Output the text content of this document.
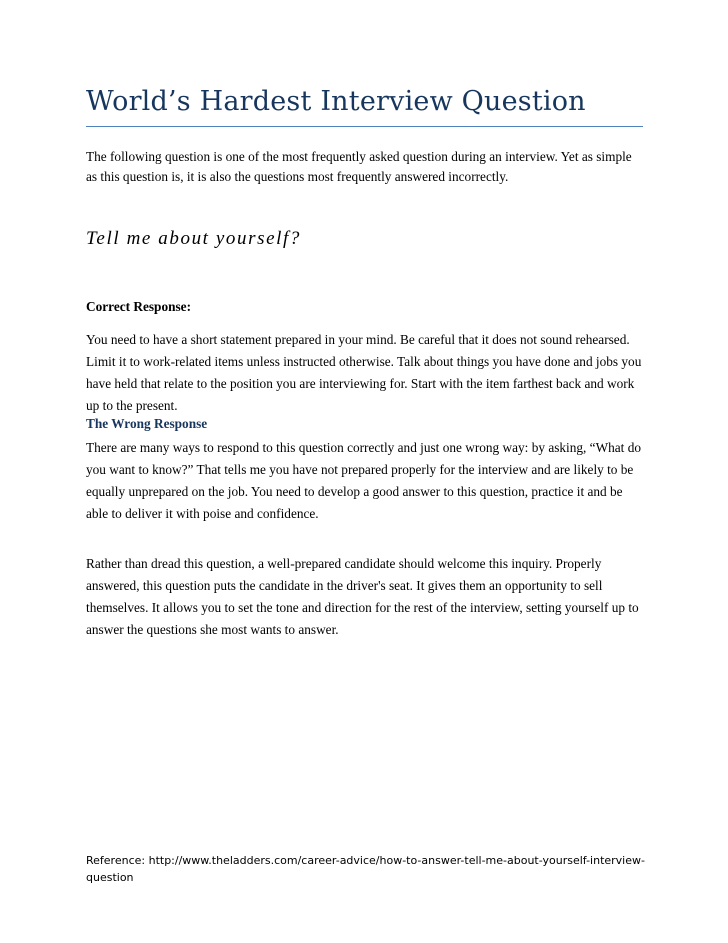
World’s Hardest Interview Question

The following question is one of the most frequently asked question during an interview. Yet as simple as this question is, it is also the questions most frequently answered incorrectly.

Tell me about yourself?
Correct Response:

You need to have a short statement prepared in your mind. Be careful that it does not sound rehearsed. Limit it to work-related items unless instructed otherwise. Talk about things you have done and jobs you have held that relate to the position you are interviewing for. Start with the item farthest back and work up to the present.

The Wrong Response

There are many ways to respond to this question correctly and just one wrong way: by asking, “What do you want to know?” That tells me you have not prepared properly for the interview and are likely to be equally unprepared on the job. You need to develop a good answer to this question, practice it and be able to deliver it with poise and confidence.

Rather than dread this question, a well-prepared candidate should welcome this inquiry. Properly answered, this question puts the candidate in the driver's seat. It gives them an opportunity to sell themselves. It allows you to set the tone and direction for the rest of the interview, setting yourself up to answer the questions she most wants to answer.

Reference: http://www.theladders.com/career-advice/how-to-answer-tell-me-about-yourself-interview-question
